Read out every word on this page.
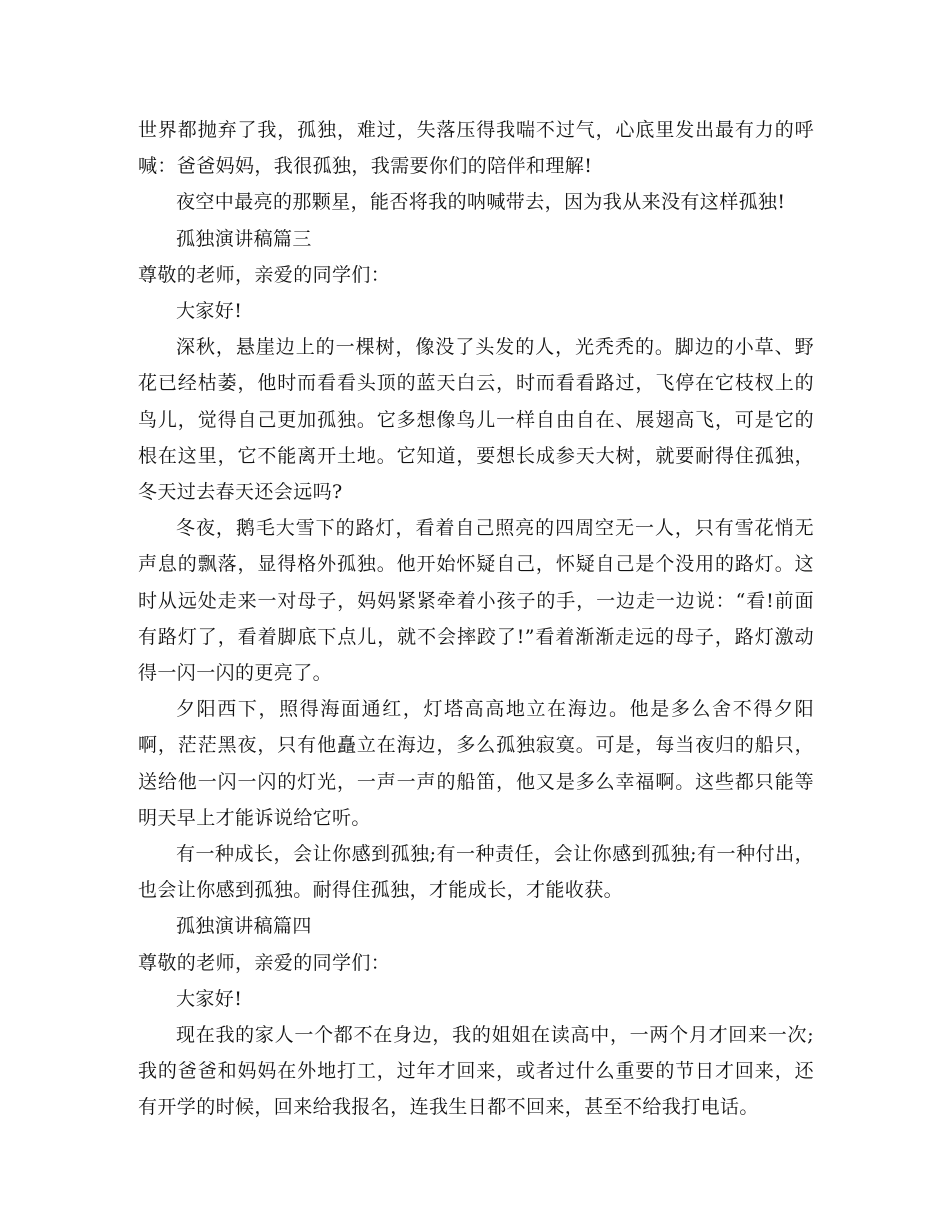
世界都抛弃了我，孤独，难过，失落压得我喘不过气，心底里发出最有力的呼喊：爸爸妈妈，我很孤独，我需要你们的陪伴和理解!

夜空中最亮的那颗星，能否将我的呐喊带去，因为我从来没有这样孤独!

孤独演讲稿篇三

尊敬的老师，亲爱的同学们：

大家好!

深秋，悬崖边上的一棵树，像没了头发的人，光秃秃的。脚边的小草、野花已经枯萎，他时而看看头顶的蓝天白云，时而看看路过，飞停在它枝杈上的鸟儿，觉得自己更加孤独。它多想像鸟儿一样自由自在、展翅高飞，可是它的根在这里，它不能离开土地。它知道，要想长成参天大树，就要耐得住孤独，冬天过去春天还会远吗?

冬夜，鹅毛大雪下的路灯，看着自己照亮的四周空无一人，只有雪花悄无声息的飘落，显得格外孤独。他开始怀疑自己，怀疑自己是个没用的路灯。这时从远处走来一对母子，妈妈紧紧牵着小孩子的手，一边走一边说：“看!前面有路灯了，看着脚底下点儿，就不会摔跤了!”看着渐渐走远的母子，路灯激动得一闪一闪的更亮了。

夕阳西下，照得海面通红，灯塔高高地立在海边。他是多么舍不得夕阳啊，茫茫黑夜，只有他矗立在海边，多么孤独寂寞。可是，每当夜归的船只，送给他一闪一闪的灯光，一声一声的船笛，他又是多么幸福啊。这些都只能等明天早上才能诉说给它听。

有一种成长，会让你感到孤独;有一种责任，会让你感到孤独;有一种付出，也会让你感到孤独。耐得住孤独，才能成长，才能收获。

孤独演讲稿篇四

尊敬的老师，亲爱的同学们：

大家好!

现在我的家人一个都不在身边，我的姐姐在读高中，一两个月才回来一次;我的爸爸和妈妈在外地打工，过年才回来，或者过什么重要的节日才回来，还有开学的时候，回来给我报名，连我生日都不回来，甚至不给我打电话。
